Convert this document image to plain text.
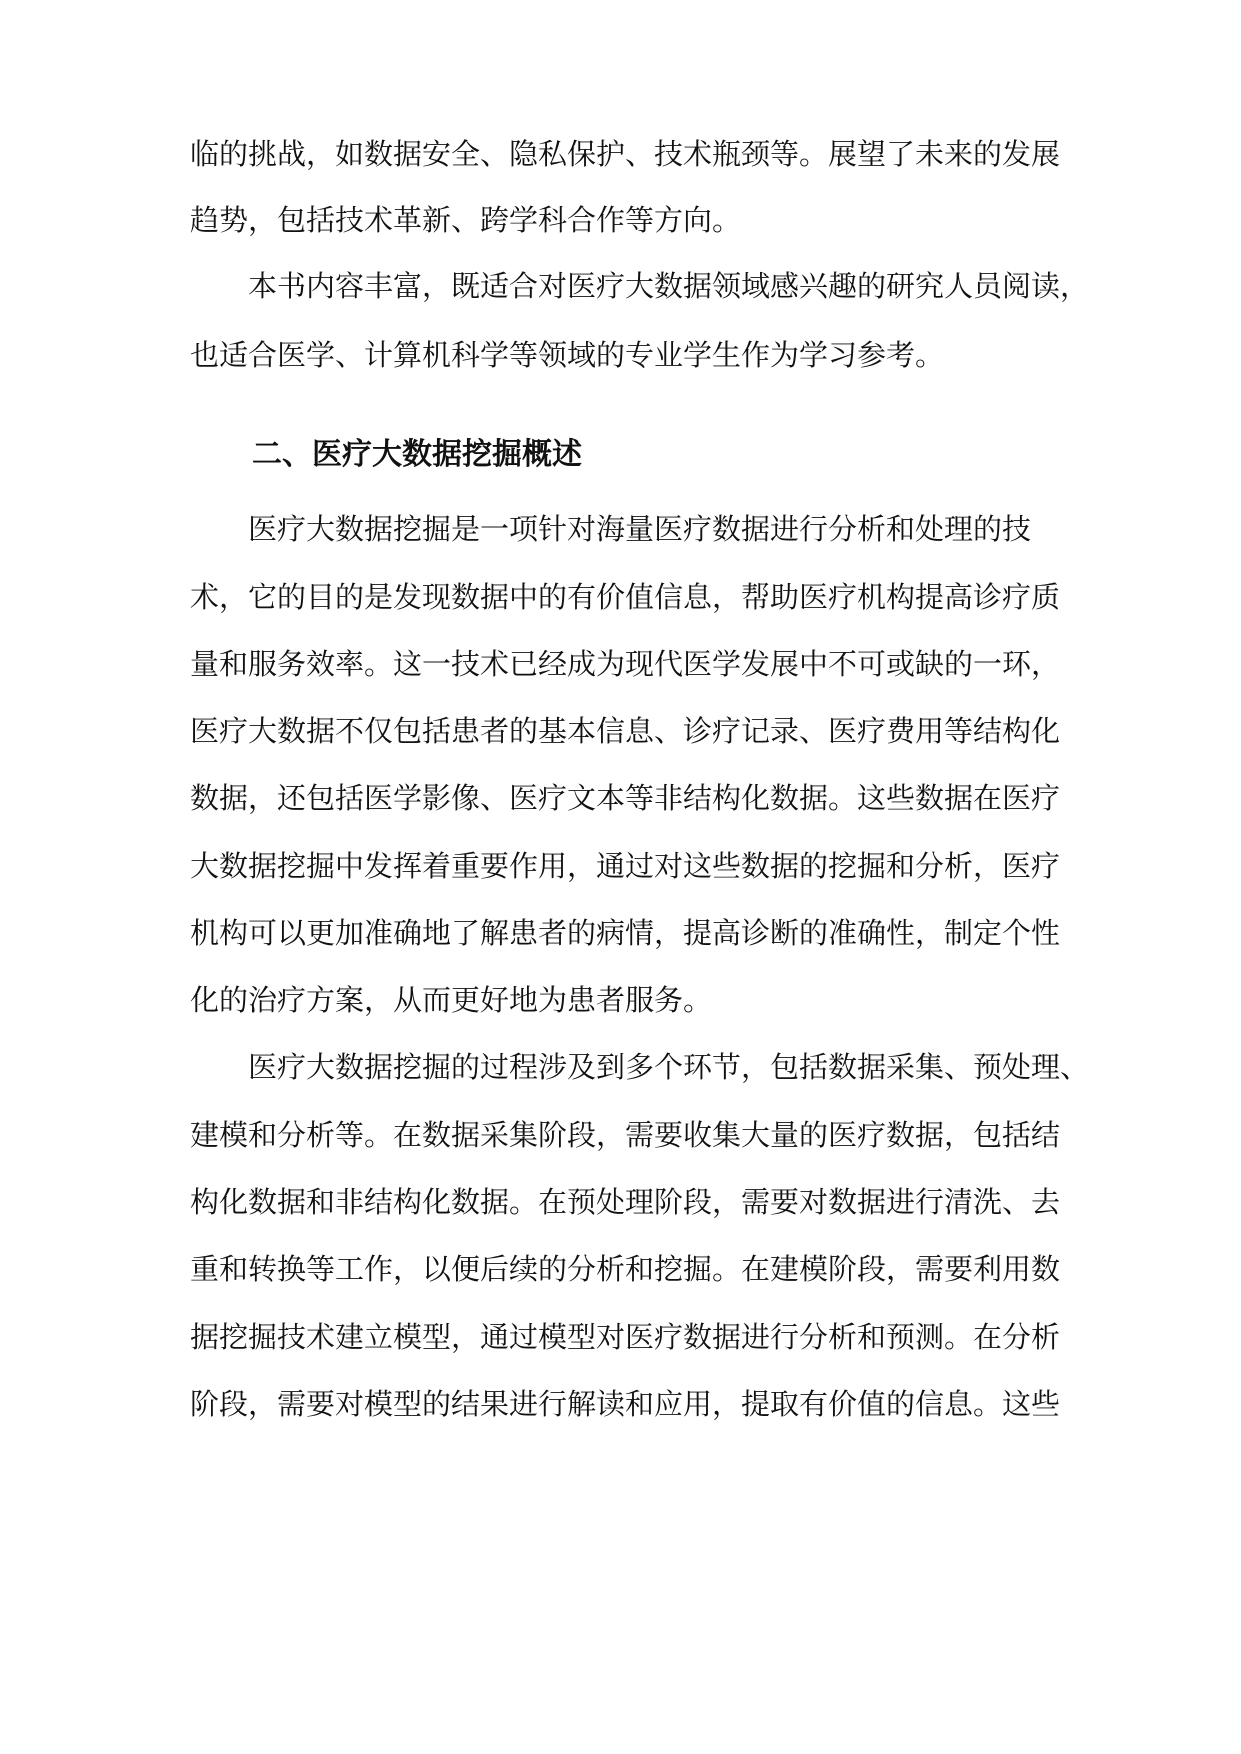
临的挑战，如数据安全、隐私保护、技术瓶颈等。展望了未来的发展
趋势，包括技术革新、跨学科合作等方向。
本书内容丰富，既适合对医疗大数据领域感兴趣的研究人员阅读，
也适合医学、计算机科学等领域的专业学生作为学习参考。
二、医疗大数据挖掘概述
医疗大数据挖掘是一项针对海量医疗数据进行分析和处理的技
术，它的目的是发现数据中的有价值信息，帮助医疗机构提高诊疗质
量和服务效率。这一技术已经成为现代医学发展中不可或缺的一环，
医疗大数据不仅包括患者的基本信息、诊疗记录、医疗费用等结构化
数据，还包括医学影像、医疗文本等非结构化数据。这些数据在医疗
大数据挖掘中发挥着重要作用，通过对这些数据的挖掘和分析，医疗
机构可以更加准确地了解患者的病情，提高诊断的准确性，制定个性
化的治疗方案，从而更好地为患者服务。
医疗大数据挖掘的过程涉及到多个环节，包括数据采集、预处理、
建模和分析等。在数据采集阶段，需要收集大量的医疗数据，包括结
构化数据和非结构化数据。在预处理阶段，需要对数据进行清洗、去
重和转换等工作，以便后续的分析和挖掘。在建模阶段，需要利用数
据挖掘技术建立模型，通过模型对医疗数据进行分析和预测。在分析
阶段，需要对模型的结果进行解读和应用，提取有价值的信息。这些
